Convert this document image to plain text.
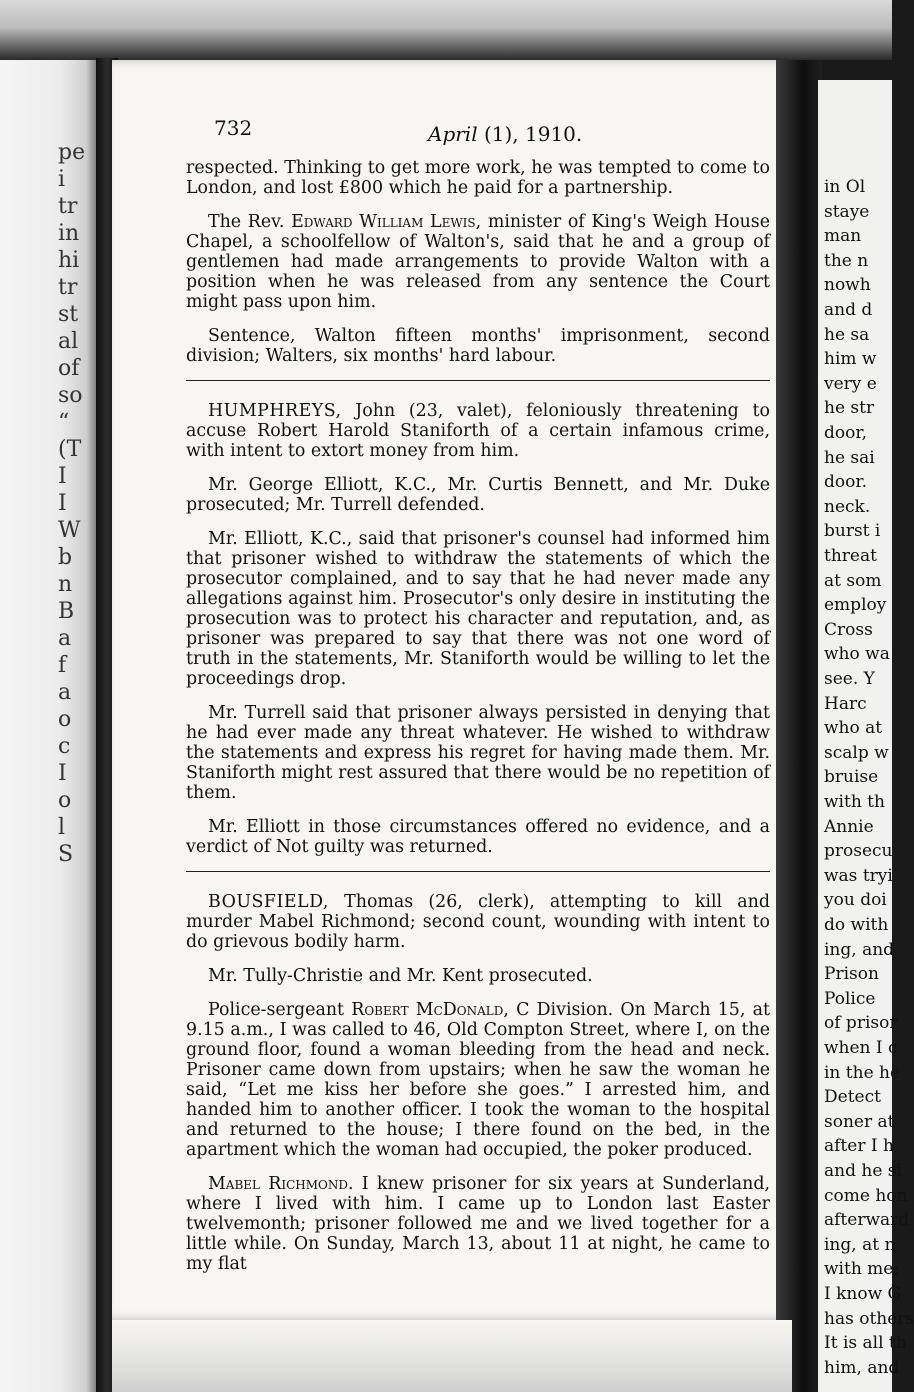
pe
i
tr
in
hi
tr
st
al
of
so
“
(T
I
I
W
b
n
B
a
f
a
o
c
I
o
l
S
in Ol
staye
man
the n
nowh
and d
he sa
him w
very e
he str
door,
he sai
door.
neck.
burst i
threat
at som
employ
Cross
who wa
see. Y
Harc
who at
scalp w
bruise
with th
Annie
prosecu
was tryi
you doi
do with
ing, and
Prison
Police
of prisor
when I c
in the he
Detect
soner at
after I h
and he si
come hon
afterward
ing, at n
with me;
I know G
has others
It is all th
him, and
732	April (1), 1910.

respected. Thinking to get more work, he was tempted to come to London, and lost £800 which he paid for a partnership.

The Rev. Edward William Lewis, minister of King's Weigh House Chapel, a schoolfellow of Walton's, said that he and a group of gentlemen had made arrangements to provide Walton with a position when he was released from any sentence the Court might pass upon him.

Sentence, Walton fifteen months' imprisonment, second division; Walters, six months' hard labour.

HUMPHREYS, John (23, valet), feloniously threatening to accuse Robert Harold Staniforth of a certain infamous crime, with intent to extort money from him.

Mr. George Elliott, K.C., Mr. Curtis Bennett, and Mr. Duke prosecuted; Mr. Turrell defended.

Mr. Elliott, K.C., said that prisoner's counsel had informed him that prisoner wished to withdraw the statements of which the prosecutor complained, and to say that he had never made any allegations against him. Prosecutor's only desire in instituting the prosecution was to protect his character and reputation, and, as prisoner was prepared to say that there was not one word of truth in the statements, Mr. Staniforth would be willing to let the proceedings drop.

Mr. Turrell said that prisoner always persisted in denying that he had ever made any threat whatever. He wished to withdraw the statements and express his regret for having made them. Mr. Staniforth might rest assured that there would be no repetition of them.

Mr. Elliott in those circumstances offered no evidence, and a verdict of Not guilty was returned.

BOUSFIELD, Thomas (26, clerk), attempting to kill and murder Mabel Richmond; second count, wounding with intent to do grievous bodily harm.

Mr. Tully-Christie and Mr. Kent prosecuted.

Police-sergeant Robert McDonald, C Division. On March 15, at 9.15 a.m., I was called to 46, Old Compton Street, where I, on the ground floor, found a woman bleeding from the head and neck. Prisoner came down from upstairs; when he saw the woman he said, “Let me kiss her before she goes.” I arrested him, and handed him to another officer. I took the woman to the hospital and returned to the house; I there found on the bed, in the apartment which the woman had occupied, the poker produced.

Mabel Richmond. I knew prisoner for six years at Sunderland, where I lived with him. I came up to London last Easter twelvemonth; prisoner followed me and we lived together for a little while. On Sunday, March 13, about 11 at night, he came to my flat
